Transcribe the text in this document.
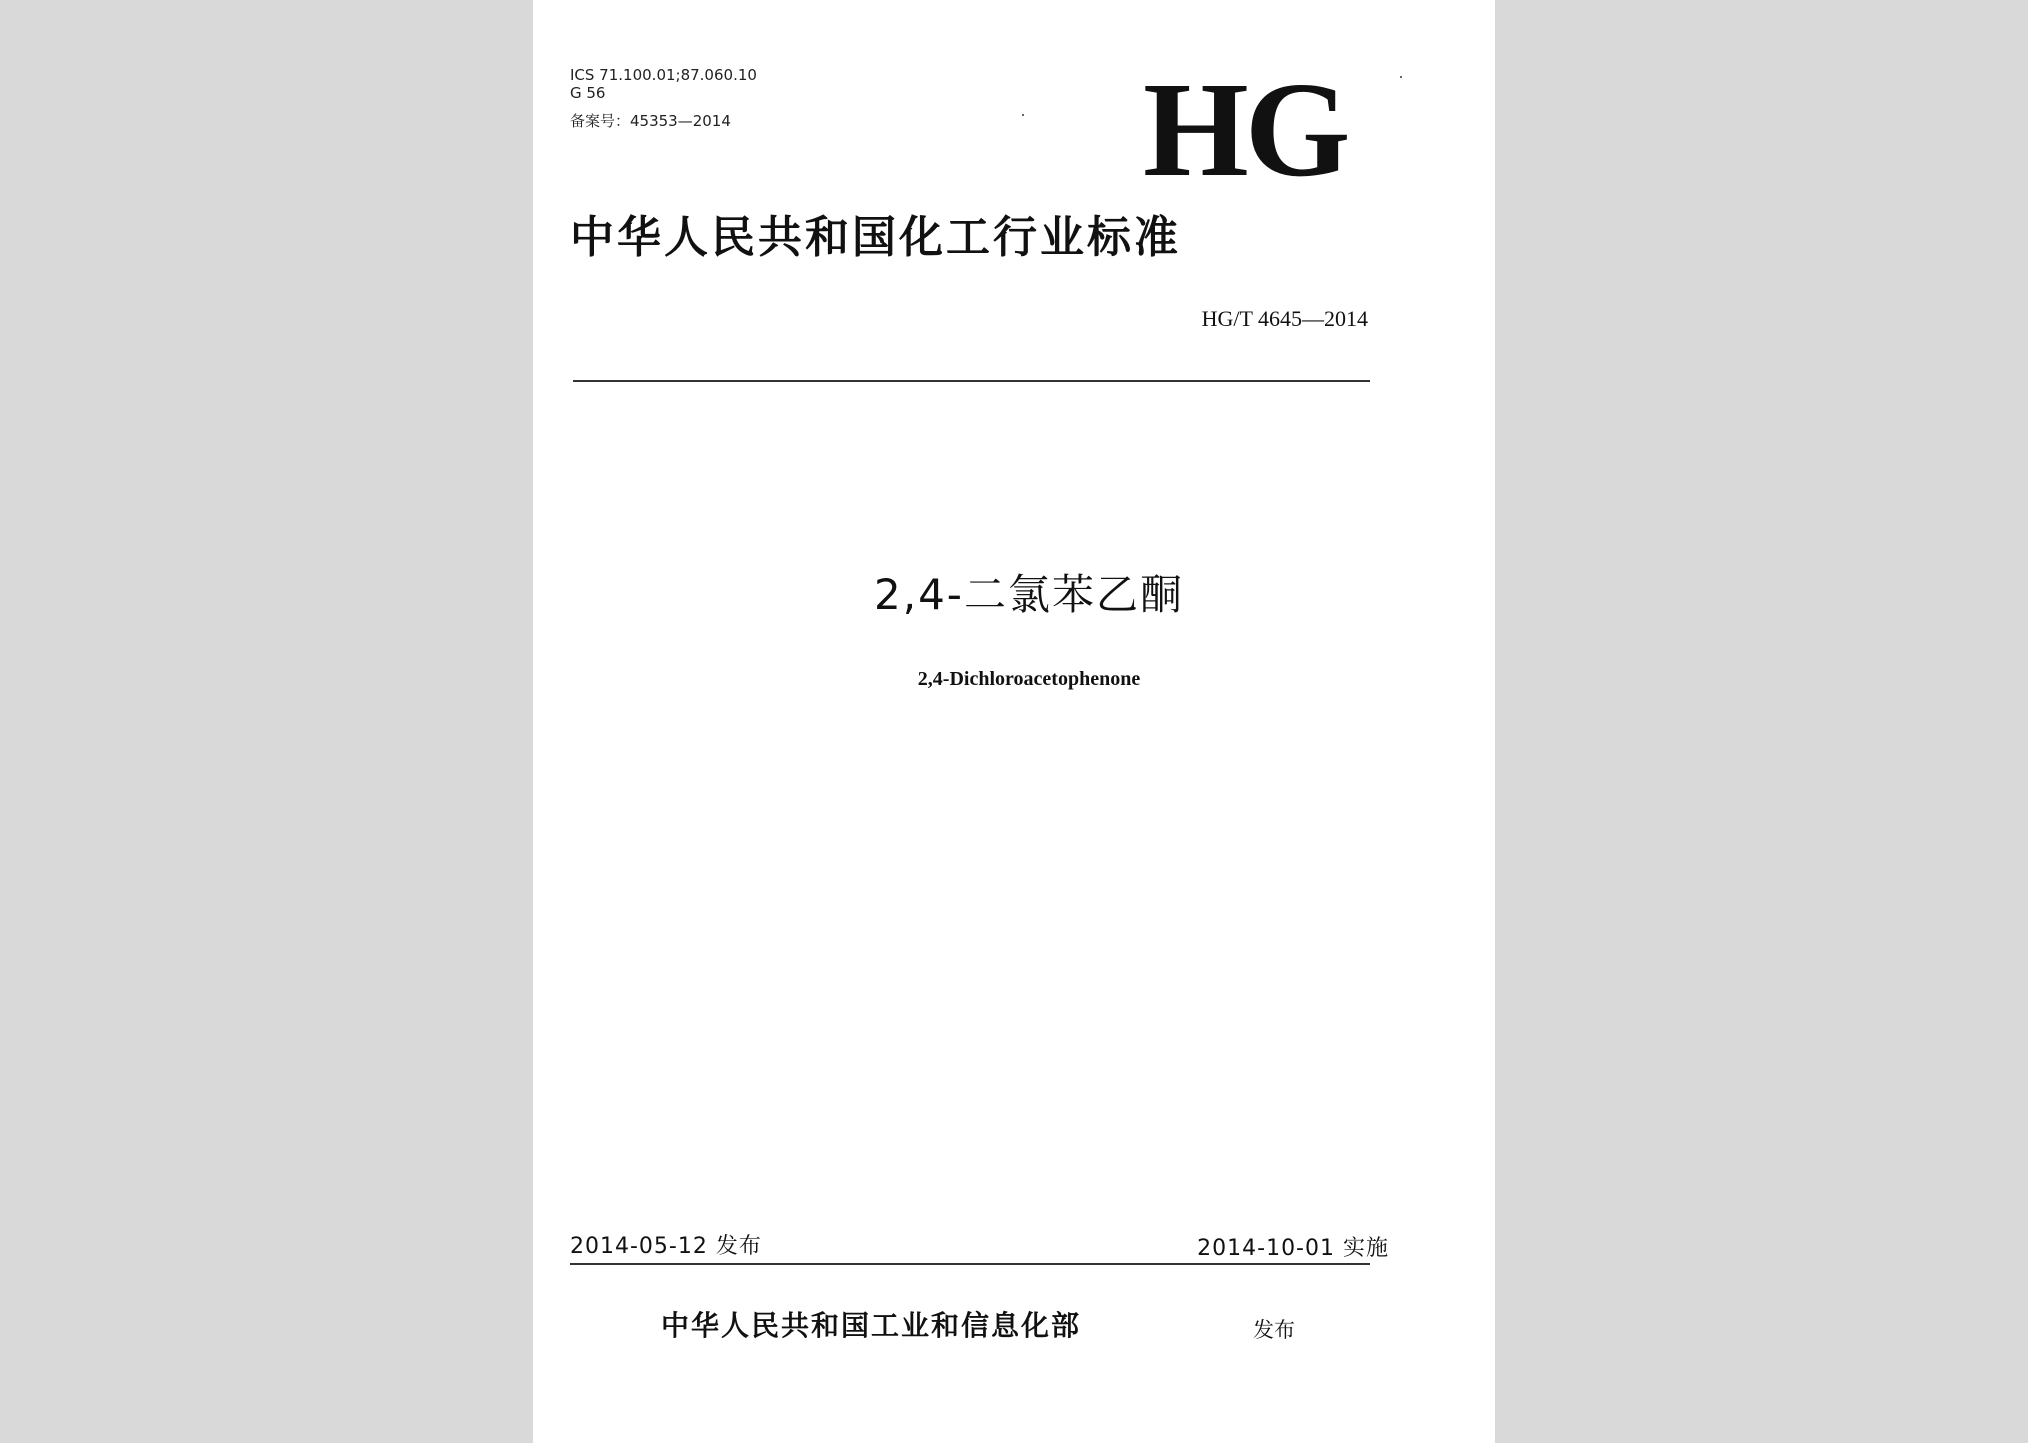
ICS 71.100.01;87.060.10
G 56
备案号：45353—2014	HG
中华人民共和国化工行业标准
HG/T 4645—2014
2,4-二氯苯乙酮
2,4-Dichloroacetophenone
2014-05-12 发布	2014-10-01 实施
中华人民共和国工业和信息化部	发布
